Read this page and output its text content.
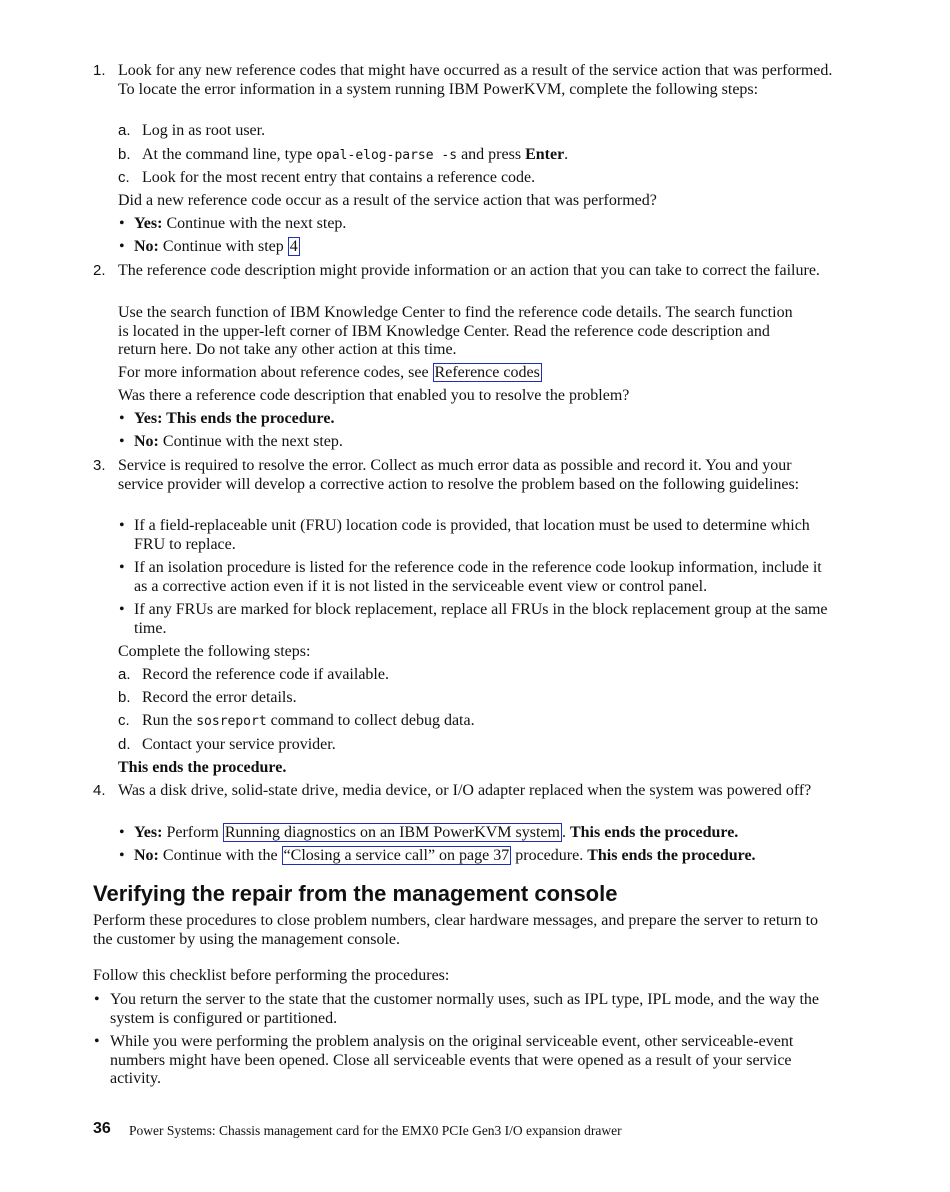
1. Look for any new reference codes that might have occurred as a result of the service action that was performed. To locate the error information in a system running IBM PowerKVM, complete the following steps:

a. Log in as root user.

b. At the command line, type opal-elog-parse -s and press Enter.

c. Look for the most recent entry that contains a reference code.

Did a new reference code occur as a result of the service action that was performed?

• Yes: Continue with the next step.

• No: Continue with step 4

2. The reference code description might provide information or an action that you can take to correct the failure.

Use the search function of IBM Knowledge Center to find the reference code details. The search function is located in the upper-left corner of IBM Knowledge Center. Read the reference code description and return here. Do not take any other action at this time.

For more information about reference codes, see Reference codes

Was there a reference code description that enabled you to resolve the problem?

• Yes: This ends the procedure.

• No: Continue with the next step.

3. Service is required to resolve the error. Collect as much error data as possible and record it. You and your service provider will develop a corrective action to resolve the problem based on the following guidelines:

• If a field-replaceable unit (FRU) location code is provided, that location must be used to determine which FRU to replace.

• If an isolation procedure is listed for the reference code in the reference code lookup information, include it as a corrective action even if it is not listed in the serviceable event view or control panel.

• If any FRUs are marked for block replacement, replace all FRUs in the block replacement group at the same time.

Complete the following steps:

a. Record the reference code if available.

b. Record the error details.

c. Run the sosreport command to collect debug data.

d. Contact your service provider.

This ends the procedure.

4. Was a disk drive, solid-state drive, media device, or I/O adapter replaced when the system was powered off?

• Yes: Perform Running diagnostics on an IBM PowerKVM system . This ends the procedure.

• No: Continue with the “Closing a service call” on page 37 procedure. This ends the procedure.

Verifying the repair from the management console

Perform these procedures to close problem numbers, clear hardware messages, and prepare the server to return to the customer by using the management console.

Follow this checklist before performing the procedures:

• You return the server to the state that the customer normally uses, such as IPL type, IPL mode, and the way the system is configured or partitioned.

• While you were performing the problem analysis on the original serviceable event, other serviceable-event numbers might have been opened. Close all serviceable events that were opened as a result of your service activity.

36 Power Systems: Chassis management card for the EMX0 PCIe Gen3 I/O expansion drawer
